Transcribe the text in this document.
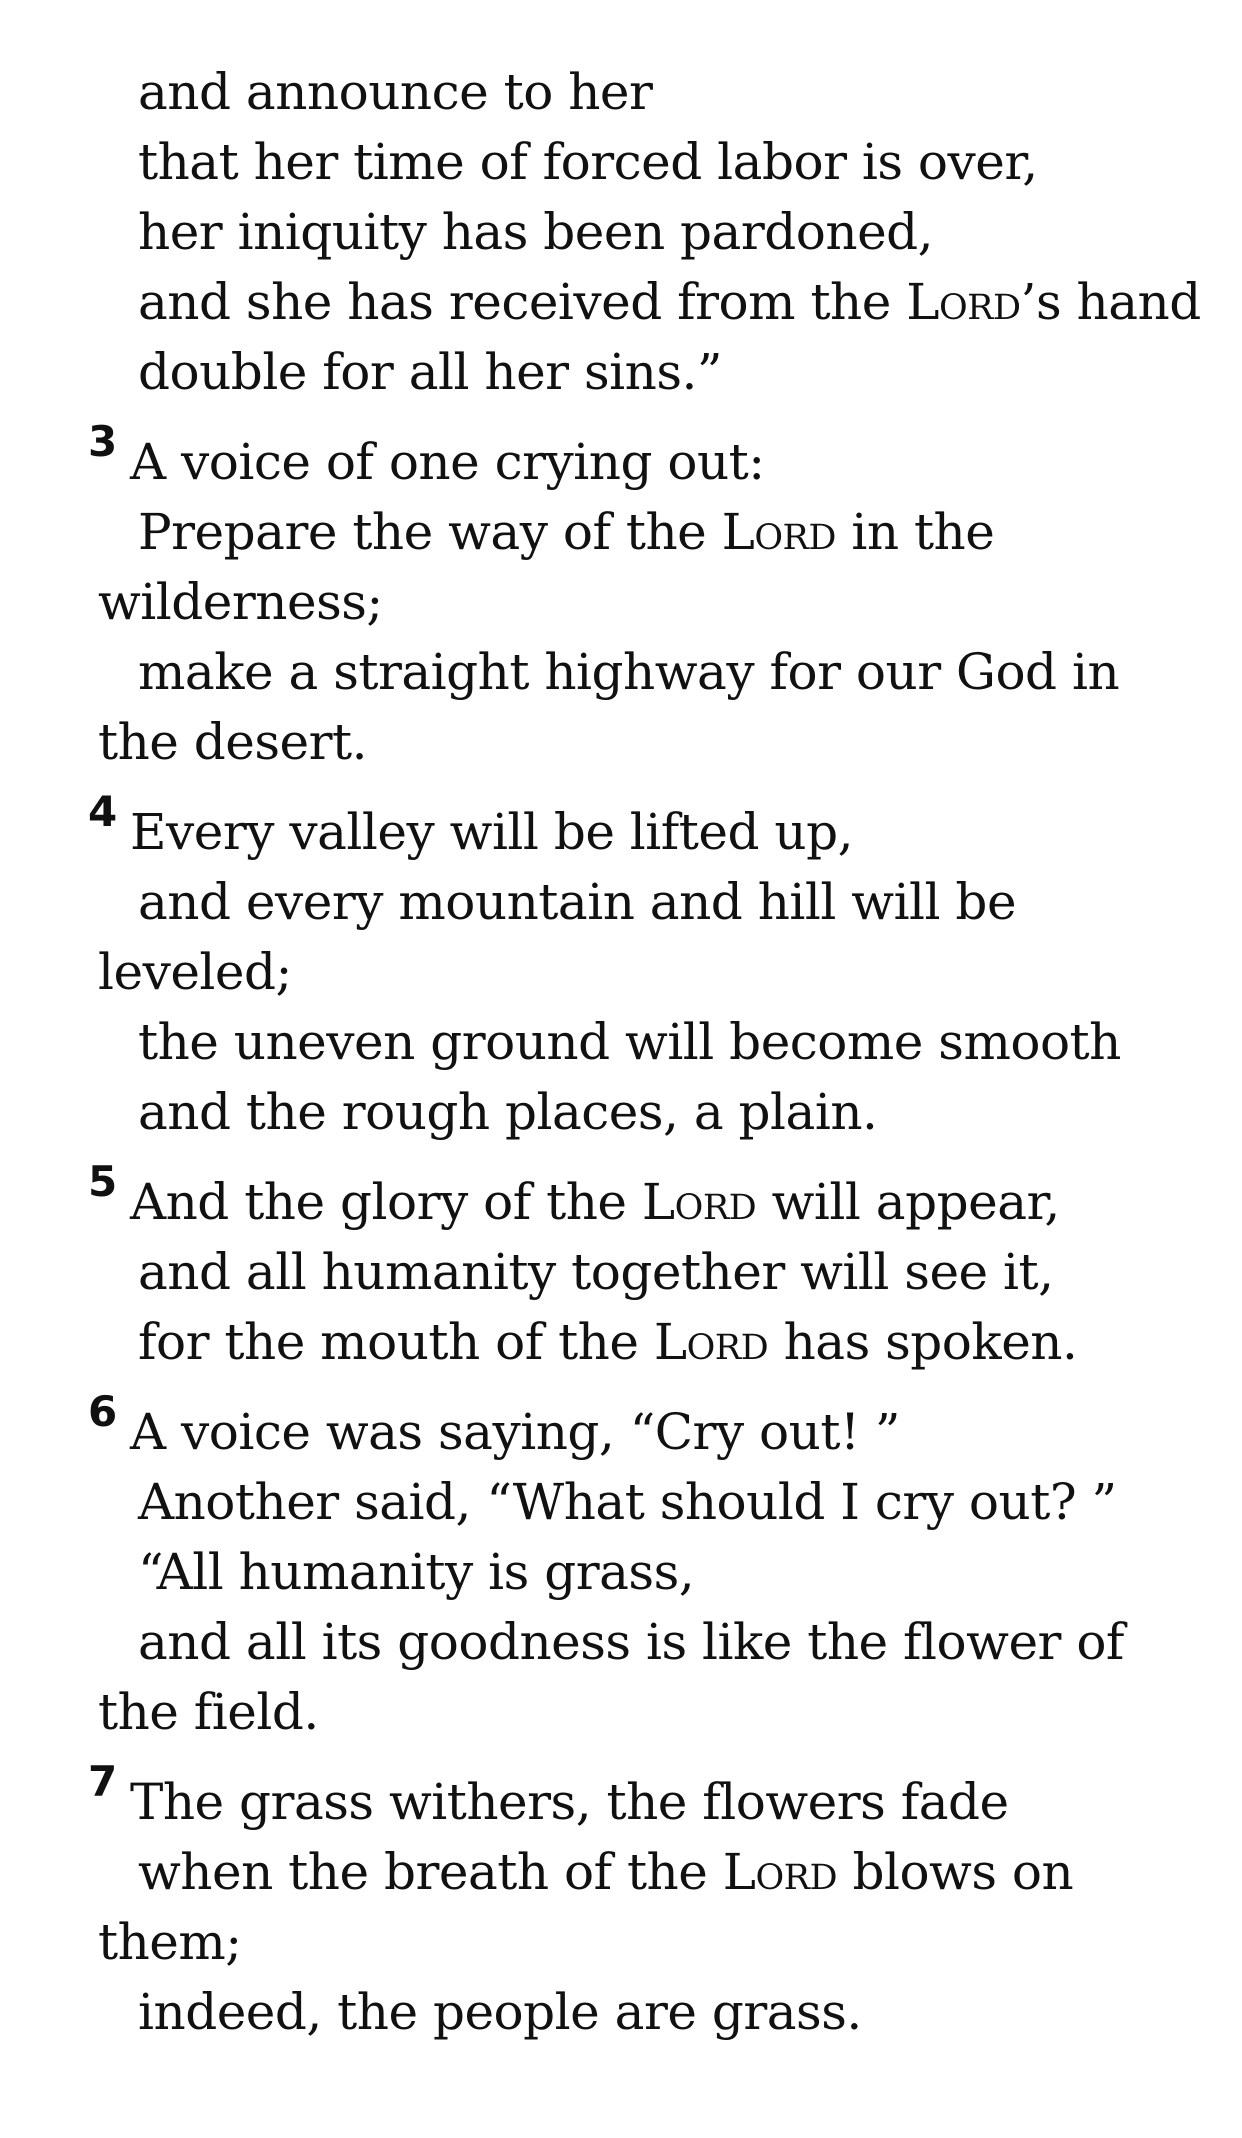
and announce to her
that her time of forced labor is over,
her iniquity has been pardoned,
and she has received from the Lord’s hand
double for all her sins.”
3 A voice of one crying out:
Prepare the way of the Lord in the
wilderness;
make a straight highway for our God in
the desert.
4 Every valley will be lifted up,
and every mountain and hill will be
leveled;
the uneven ground will become smooth
and the rough places, a plain.
5 And the glory of the Lord will appear,
and all humanity together will see it,
for the mouth of the Lord has spoken.
6 A voice was saying, “Cry out! ”
Another said, “What should I cry out? ”
“All humanity is grass,
and all its goodness is like the flower of
the field.
7 The grass withers, the flowers fade
when the breath of the Lord blows on
them;
indeed, the people are grass.
